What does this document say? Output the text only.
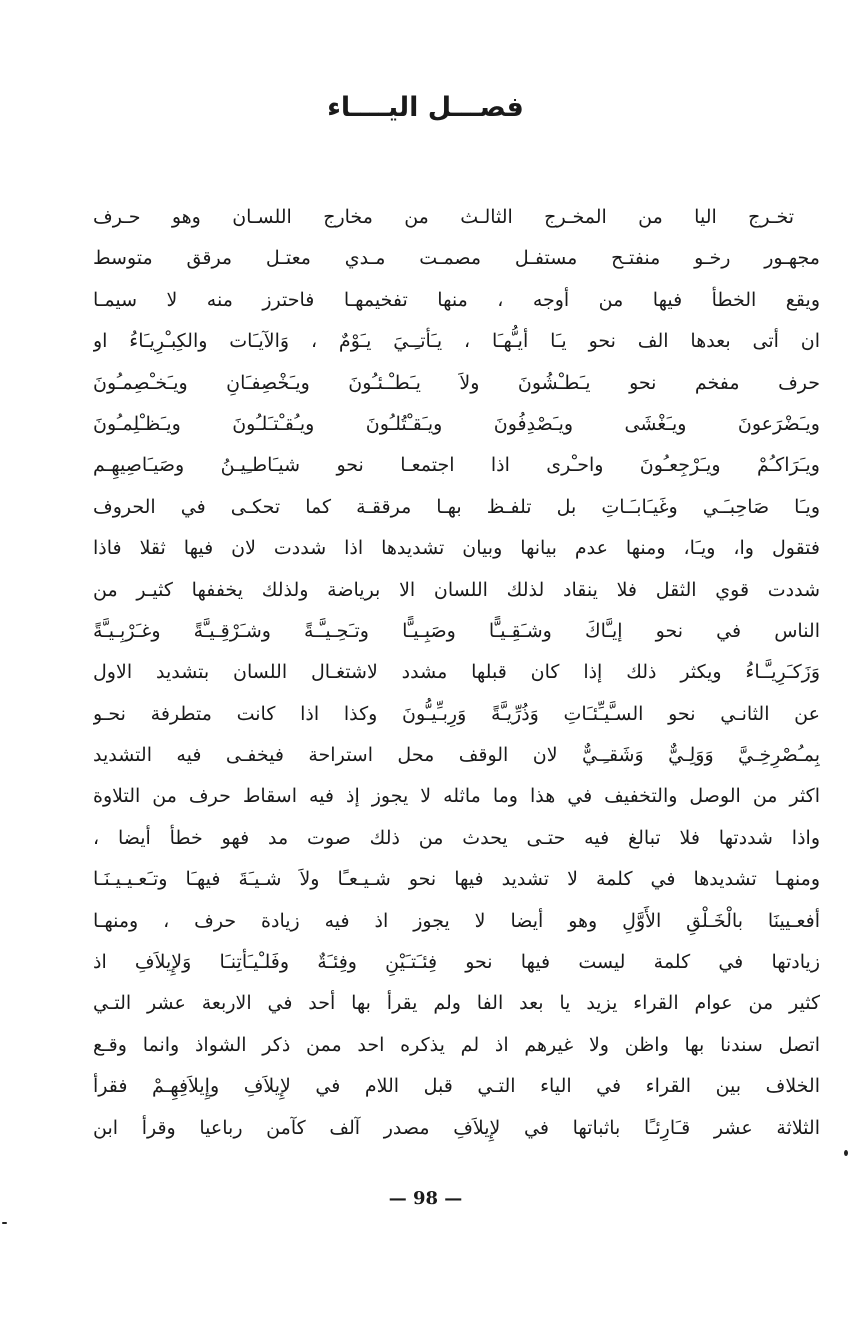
فصـــل اليــــاء
تخـرج اليا من المخـرج الثالـث من مخارج اللسـان وهو حـرف
مجهـور رخـو منفتـح مستفـل مصمـت مـدي معتـل مرقق متوسط
ويقع الخطأ فيها من أوجه ، منها تفخيمهـا فاحترز منه لا سيمـا
ان أتى بعدها الف نحو يـَا أيـُّهـَا ، يـَأتـِـيَ يـَوْمٌ ، وَالآيـَات والكِبـْرِيـَاءُ او
حرف مفخم نحو يـَطـْشُونَ ولاَ يـَطـْـئـُونَ ويـَخْصِفـَانِ ويـَخـْصِمـُونَ
ويـَضْرَعونَ ويـَغْشَى ويـَصْدِفُونَ ويـَقـْتُلـُونَ ويـُقـْتـَلـُونَ ويـَظـْلِمـُونَ
ويـَرَاكـُمْ ويـَرْجِعـُونَ واحـْرى اذا اجتمعـا نحو شيـَاطـِيـنُ وصَيـَاصِيهِـم
ويـَا صَاحِبـَـي وغَيـَابـَـاتِ بل تلفـظ بهـا مرققـة كما تحكـى في الحروف
فتقول وا، ويـَا، ومنها عدم بيانها وبيان تشديدها اذا شددت لان فيها ثقلا فاذا
شددت قوي الثقل فلا ينقاد لذلك اللسان الا برياضة ولذلك يخففها كثيـر من
الناس في نحو إيـَّاكَ وشـَقِـيـًّا وصَبِـيـًّا وتـَحِـيـَّـةً وشـَرْقِـيـَّةً وغـَرْبِـيـَّةً
وَزَكـَرِيـَّـاءُ ويكثر ذلك إذا كان قبلها مشدد لاشتغـال اللسان بتشديد الاول
عن الثانـي نحو السـَّيـِّئـَاتِ وَذُرِّيـَّةً وَرِبـِّيـُّونَ وكذا اذا كانت متطرفة نحـو
بِمـُصْرِخِـيَّ وَوَلِـيٌّ وَشَقـِـيٌّ لان الوقف محل استراحة فيخفـى فيه التشديد
اكثر من الوصل والتخفيف في هذا وما ماثله لا يجوز إذ فيه اسقاط حرف من التلاوة
واذا شددتها فلا تبالغ فيه حتـى يحدث من ذلك صوت مد فهو خطأ أيضا ،
ومنهـا تشديدها في كلمة لا تشديد فيها نحو شـيـعـًا ولاَ شـيـَةَ فيهـَا وتـَعـيـيـنَـا
أفعـيينَا بالْخَـلْقِ الأَوَّلِ وهو أيضا لا يجوز اذ فيه زيادة حرف ، ومنهـا
زيادتها في كلمة ليست فيها نحو فِئـَتـَيْنِ وفِئـَةٌ وفَلـْيـَأتِنـَا وَلإِيلاَفِ اذ
كثير من عوام القراء يزيد يا بعد الفا ولم يقرأ بها أحد في الاربعة عشر التـي
اتصل سندنا بها واظن ولا غيرهم اذ لم يذكره احد ممن ذكر الشواذ وانما وقـع
الخلاف بين القراء في الياء التـي قبل اللام في لإِيلاَفِ وإِيلاَفِهِـمْ فقرأ
الثلاثة عشر قـَارِئـًا باثباتها في لإِيلاَفِ مصدر آلف كآمن رباعيا وقرأ ابن
— 98 —
